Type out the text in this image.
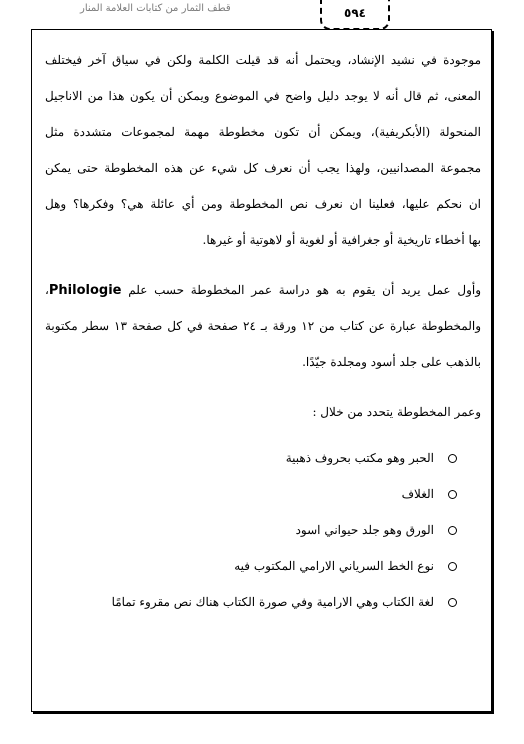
قطف الثمار من كتابات العلامة المنار	٥٩٤
موجودة في نشيد الإنشاد، ويحتمل أنه قد قيلت الكلمة ولكن في سياق آخر فيختلف
المعنى، ثم قال أنه لا يوجد دليل واضح في الموضوع ويمكن أن يكون هذا من الاناجيل
المنحولة (الأبكريفية)، ويمكن أن تكون مخطوطة مهمة لمجموعات متشددة مثل
مجموعة المصدانيين، ولهذا يجب أن نعرف كل شيء عن هذه المخطوطة حتى يمكن
ان نحكم عليها، فعلينا ان نعرف نص المخطوطة ومن أي عائلة هي؟ وفكرها؟ وهل
بها أخطاء تاريخية أو جغرافية أو لغوية أو لاهوتية أو غيرها.
وأول عمل يريد أن يقوم به هو دراسة عمر المخطوطة حسب علم Philologie،
والمخطوطة عبارة عن كتاب من ١٢ ورقة بـ ٢٤ صفحة في كل صفحة ١٣ سطر مكتوبة
بالذهب على جلد أسود ومجلدة جيّدًا.
وعمر المخطوطة يتحدد من خلال :
الحبر وهو مكتب بحروف ذهبية
الغلاف
الورق وهو جلد حيواني اسود
نوع الخط السرياني الارامي المكتوب فيه
لغة الكتاب وهي الارامية وفي صورة الكتاب هناك نص مقروء تمامًا
